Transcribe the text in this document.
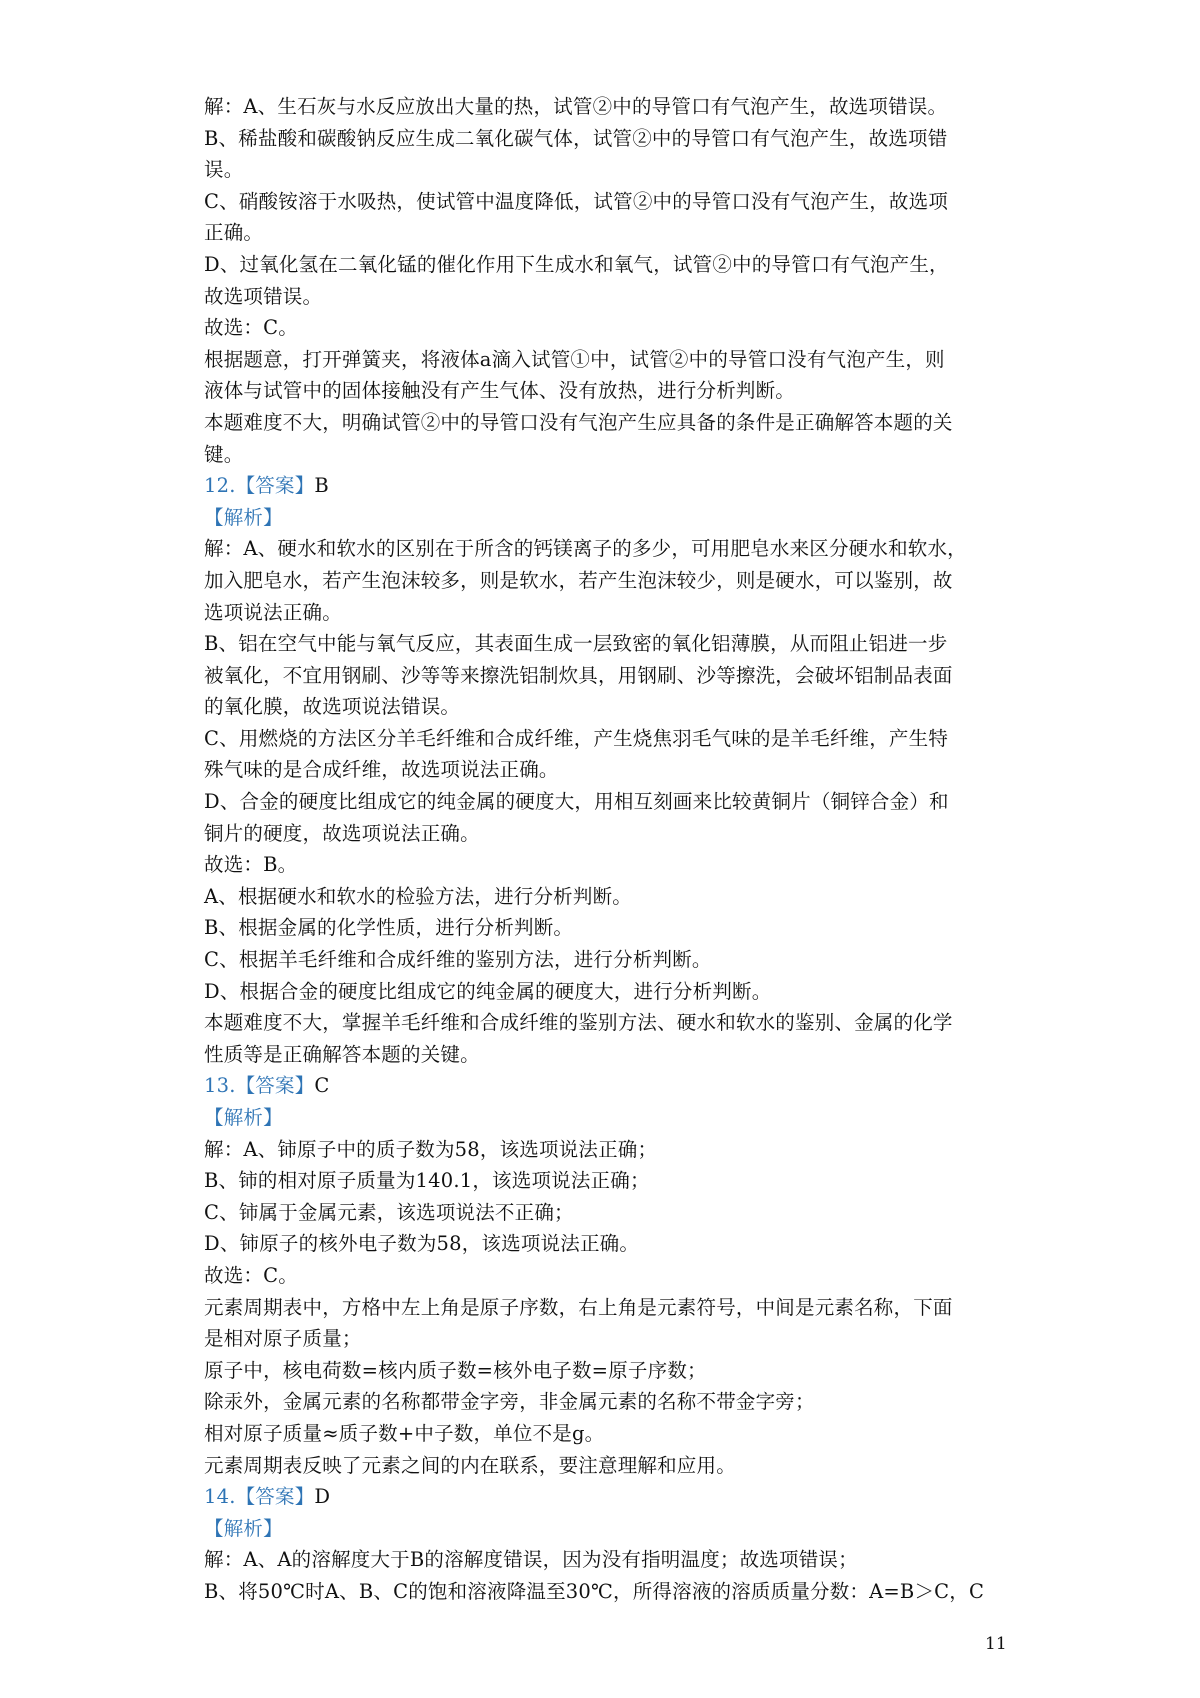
解：A、生石灰与水反应放出大量的热，试管②中的导管口有气泡产生，故选项错误。
B、稀盐酸和碳酸钠反应生成二氧化碳气体，试管②中的导管口有气泡产生，故选项错
误。
C、硝酸铵溶于水吸热，使试管中温度降低，试管②中的导管口没有气泡产生，故选项
正确。
D、过氧化氢在二氧化锰的催化作用下生成水和氧气，试管②中的导管口有气泡产生，
故选项错误。
故选：C。
根据题意，打开弹簧夹，将液体a滴入试管①中，试管②中的导管口没有气泡产生，则
液体与试管中的固体接触没有产生气体、没有放热，进行分析判断。
本题难度不大，明确试管②中的导管口没有气泡产生应具备的条件是正确解答本题的关
键。
12.【答案】B
【解析】
解：A、硬水和软水的区别在于所含的钙镁离子的多少，可用肥皂水来区分硬水和软水，
加入肥皂水，若产生泡沫较多，则是软水，若产生泡沫较少，则是硬水，可以鉴别，故
选项说法正确。
B、铝在空气中能与氧气反应，其表面生成一层致密的氧化铝薄膜，从而阻止铝进一步
被氧化，不宜用钢刷、沙等等来擦洗铝制炊具，用钢刷、沙等擦洗，会破坏铝制品表面
的氧化膜，故选项说法错误。
C、用燃烧的方法区分羊毛纤维和合成纤维，产生烧焦羽毛气味的是羊毛纤维，产生特
殊气味的是合成纤维，故选项说法正确。
D、合金的硬度比组成它的纯金属的硬度大，用相互刻画来比较黄铜片（铜锌合金）和
铜片的硬度，故选项说法正确。
故选：B。
A、根据硬水和软水的检验方法，进行分析判断。
B、根据金属的化学性质，进行分析判断。
C、根据羊毛纤维和合成纤维的鉴别方法，进行分析判断。
D、根据合金的硬度比组成它的纯金属的硬度大，进行分析判断。
本题难度不大，掌握羊毛纤维和合成纤维的鉴别方法、硬水和软水的鉴别、金属的化学
性质等是正确解答本题的关键。
13.【答案】C
【解析】
解：A、铈原子中的质子数为58，该选项说法正确；
B、铈的相对原子质量为140.1，该选项说法正确；
C、铈属于金属元素，该选项说法不正确；
D、铈原子的核外电子数为58，该选项说法正确。
故选：C。
元素周期表中，方格中左上角是原子序数，右上角是元素符号，中间是元素名称，下面
是相对原子质量；
原子中，核电荷数=核内质子数=核外电子数=原子序数；
除汞外，金属元素的名称都带金字旁，非金属元素的名称不带金字旁；
相对原子质量≈质子数+中子数，单位不是g。
元素周期表反映了元素之间的内在联系，要注意理解和应用。
14.【答案】D
【解析】
解：A、A的溶解度大于B的溶解度错误，因为没有指明温度；故选项错误；
B、将50℃时A、B、C的饱和溶液降温至30℃，所得溶液的溶质质量分数：A=B＞C，C
11
